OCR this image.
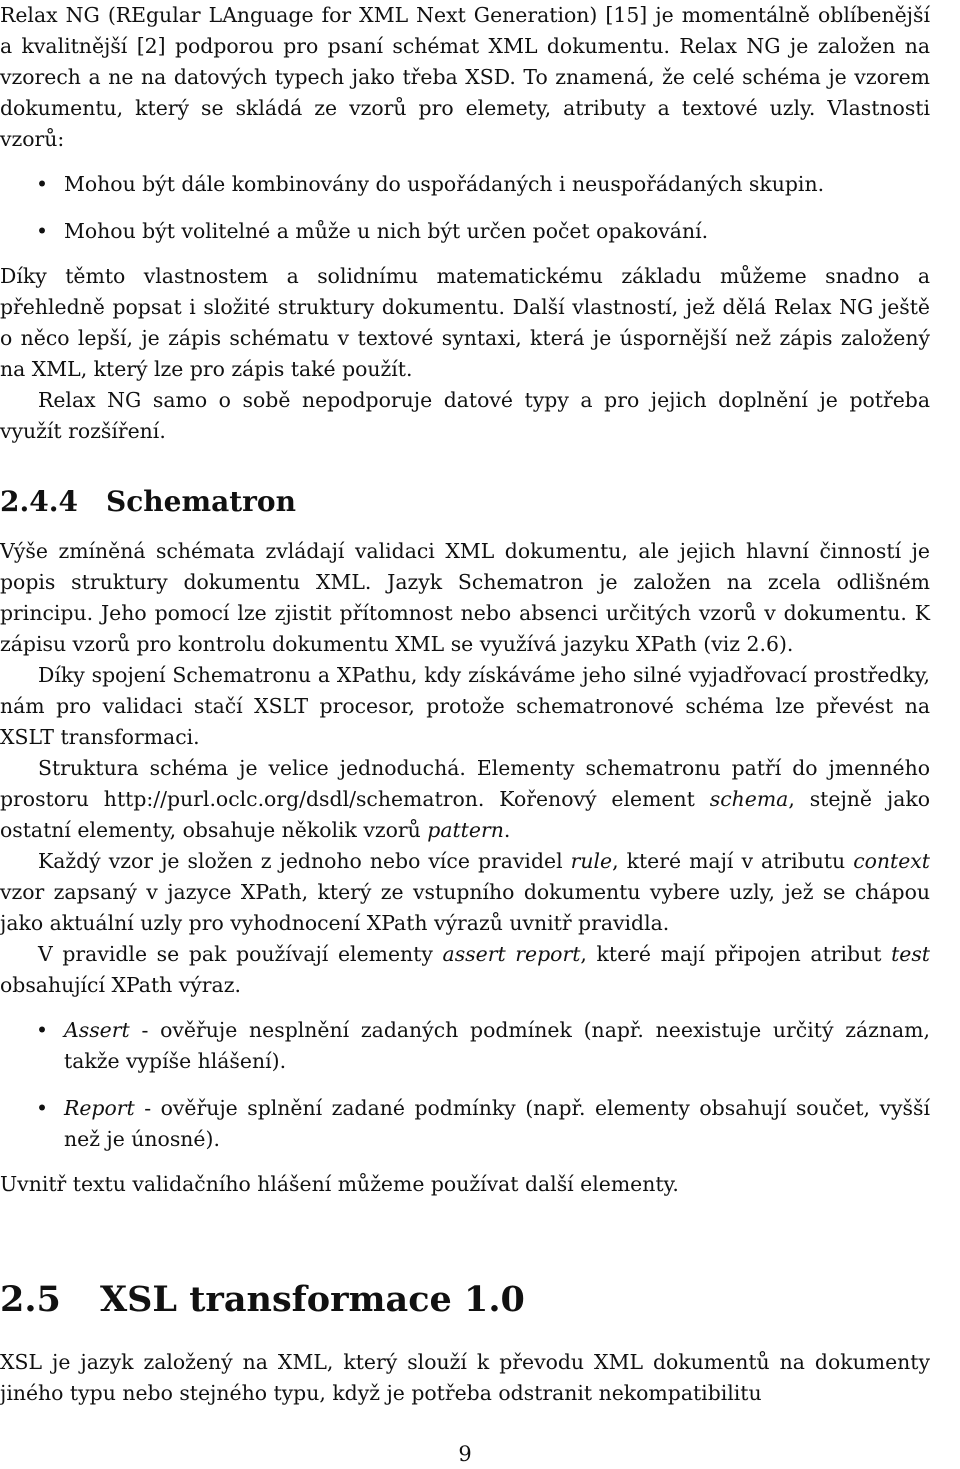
Relax NG (REgular LAnguage for XML Next Generation) [15] je momentálně oblíbenější a kvalitnější [2] podporou pro psaní schémat XML dokumentu. Relax NG je založen na vzorech a ne na datových typech jako třeba XSD. To znamená, že celé schéma je vzorem dokumentu, který se skládá ze vzorů pro elemety, atributy a textové uzly. Vlastnosti vzorů:

• Mohou být dále kombinovány do uspořádaných i neuspořádaných skupin.
• Mohou být volitelné a může u nich být určen počet opakování.

Díky těmto vlastnostem a solidnímu matematickému základu můžeme snadno a přehledně popsat i složité struktury dokumentu. Další vlastností, jež dělá Relax NG ještě o něco lepší, je zápis schématu v textové syntaxi, která je úspornější než zápis založený na XML, který lze pro zápis také použít.

Relax NG samo o sobě nepodporuje datové typy a pro jejich doplnění je potřeba využít rozšíření.

2.4.4 Schematron

Výše zmíněná schémata zvládají validaci XML dokumentu, ale jejich hlavní činností je popis struktury dokumentu XML. Jazyk Schematron je založen na zcela odlišném principu. Jeho pomocí lze zjistit přítomnost nebo absenci určitých vzorů v dokumentu. K zápisu vzorů pro kontrolu dokumentu XML se využívá jazyku XPath (viz 2.6).

Díky spojení Schematronu a XPathu, kdy získáváme jeho silné vyjadřovací prostředky, nám pro validaci stačí XSLT procesor, protože schematronové schéma lze převést na XSLT transformaci.

Struktura schéma je velice jednoduchá. Elementy schematronu patří do jmenného prostoru http://purl.oclc.org/dsdl/schematron. Kořenový element schema, stejně jako ostatní elementy, obsahuje několik vzorů pattern.

Každý vzor je složen z jednoho nebo více pravidel rule, které mají v atributu context vzor zapsaný v jazyce XPath, který ze vstupního dokumentu vybere uzly, jež se chápou jako aktuální uzly pro vyhodnocení XPath výrazů uvnitř pravidla.

V pravidle se pak používají elementy assert report, které mají připojen atribut test obsahující XPath výraz.

• Assert - ověřuje nesplnění zadaných podmínek (např. neexistuje určitý záznam, takže vypíše hlášení).
• Report - ověřuje splnění zadané podmínky (např. elementy obsahují součet, vyšší než je únosné).

Uvnitř textu validačního hlášení můžeme používat další elementy.

2.5 XSL transformace 1.0

XSL je jazyk založený na XML, který slouží k převodu XML dokumentů na dokumenty jiného typu nebo stejného typu, když je potřeba odstranit nekompatibilitu

9
